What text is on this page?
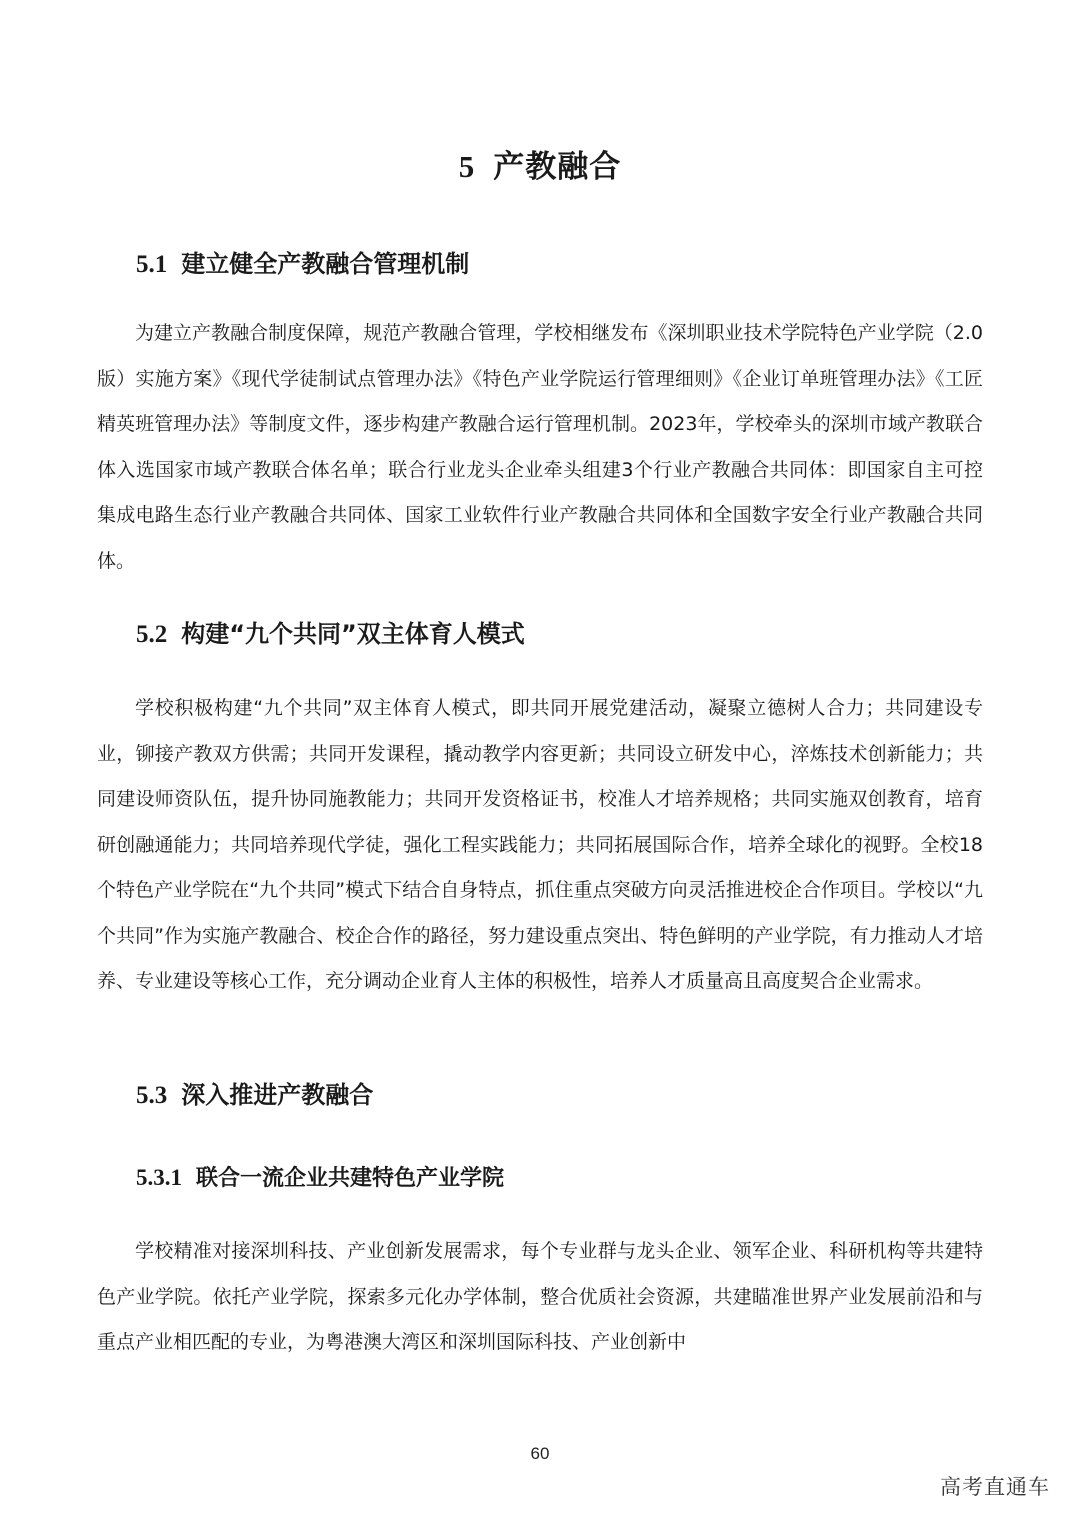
5 产教融合
5.1 建立健全产教融合管理机制

为建立产教融合制度保障，规范产教融合管理，学校相继发布《深圳职业技术学院特色产业学院（2.0版）实施方案》《现代学徒制试点管理办法》《特色产业学院运行管理细则》《企业订单班管理办法》《工匠精英班管理办法》等制度文件，逐步构建产教融合运行管理机制。2023年，学校牵头的深圳市域产教联合体入选国家市域产教联合体名单；联合行业龙头企业牵头组建3个行业产教融合共同体：即国家自主可控集成电路生态行业产教融合共同体、国家工业软件行业产教融合共同体和全国数字安全行业产教融合共同体。

5.2 构建“九个共同”双主体育人模式

学校积极构建“九个共同”双主体育人模式，即共同开展党建活动，凝聚立德树人合力；共同建设专业，铆接产教双方供需；共同开发课程，撬动教学内容更新；共同设立研发中心，淬炼技术创新能力；共同建设师资队伍，提升协同施教能力；共同开发资格证书，校准人才培养规格；共同实施双创教育，培育研创融通能力；共同培养现代学徒，强化工程实践能力；共同拓展国际合作，培养全球化的视野。全校18个特色产业学院在“九个共同”模式下结合自身特点，抓住重点突破方向灵活推进校企合作项目。学校以“九个共同”作为实施产教融合、校企合作的路径，努力建设重点突出、特色鲜明的产业学院，有力推动人才培养、专业建设等核心工作，充分调动企业育人主体的积极性，培养人才质量高且高度契合企业需求。

5.3 深入推进产教融合
5.3.1 联合一流企业共建特色产业学院

学校精准对接深圳科技、产业创新发展需求，每个专业群与龙头企业、领军企业、科研机构等共建特色产业学院。依托产业学院，探索多元化办学体制，整合优质社会资源，共建瞄准世界产业发展前沿和与重点产业相匹配的专业，为粤港澳大湾区和深圳国际科技、产业创新中

60
高考直通车
